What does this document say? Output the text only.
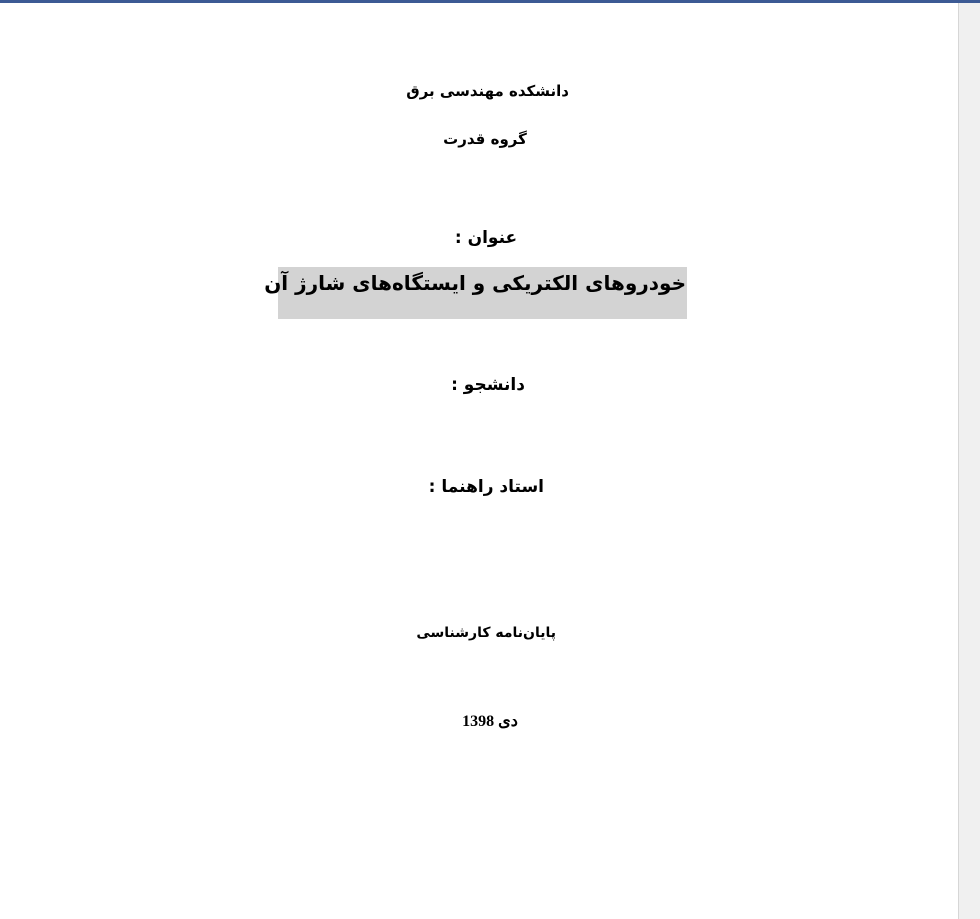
دانشکده مهندسی برق
گروه قدرت
عنوان :
خودروهای الکتریکی و ایستگاه‌های شارژ آن
دانشجو :
استاد راهنما :
پایان‌نامه کارشناسی
دی 1398
